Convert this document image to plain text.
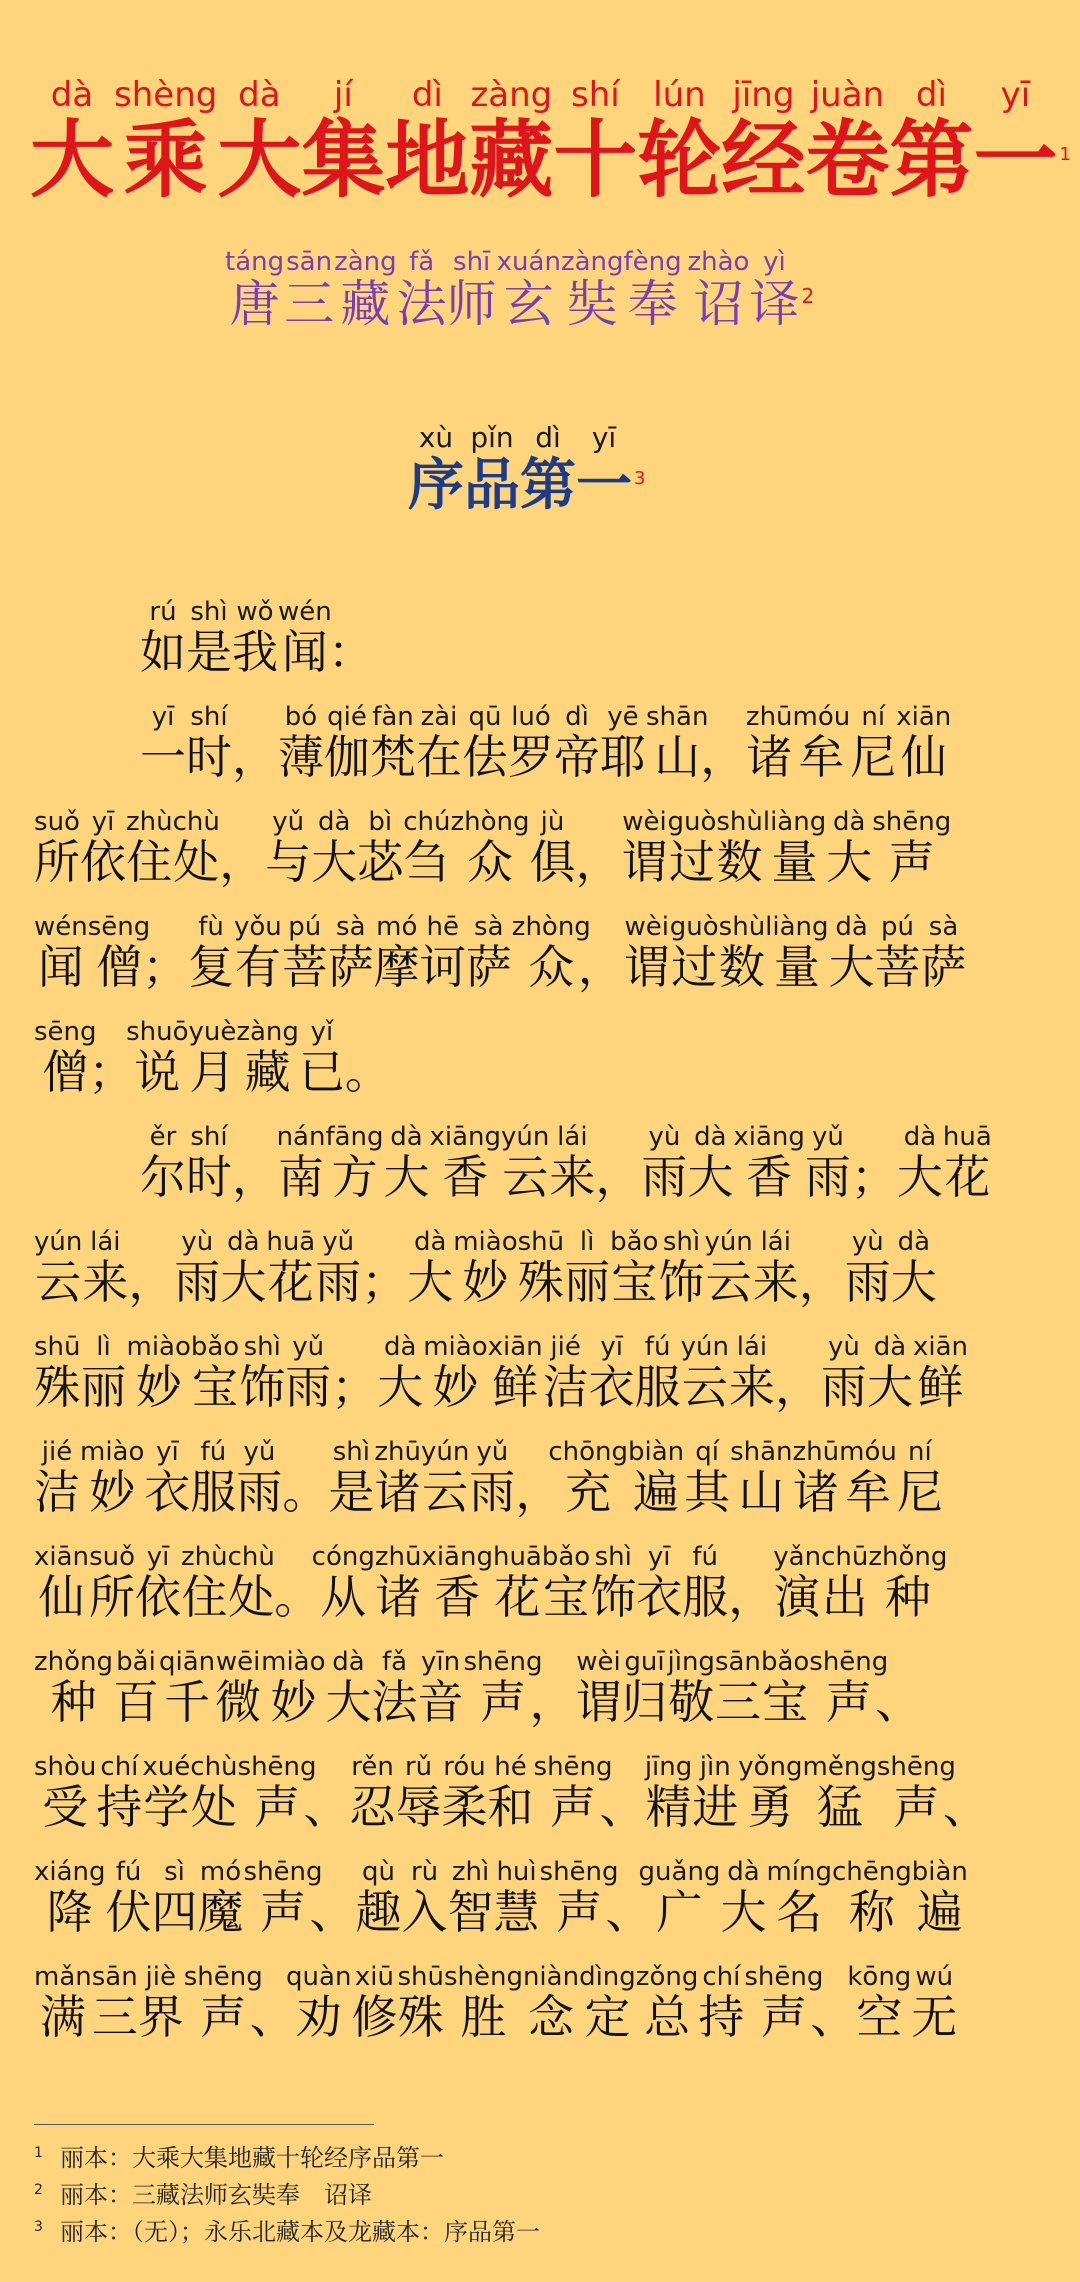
大dà乘shèng大dà集jí地dì藏zàng十shí轮lún经jīng卷juàn第dì一$yī^1$
唐táng三sān藏zàng法fǎ师shī玄xuán奘zàng奉fèng 诏zhào译$yì^2$
序xù品pǐn第dì一$yī^3$
如rú是shì我wǒ闻wén：
一yī时shí，薄bó伽qié梵fàn在zài佉qū罗luó帝dì耶yē山shān，诸zhū牟móu尼ní仙xiān
所suǒ依yī住zhù处chù，与yǔ大dà苾bì刍chú众zhòng俱jù，谓wèi过guò数shù量liàng大dà声shēng
闻wén僧sēng；复fù有yǒu菩pú萨sà摩mó诃hē萨sà众zhòng，谓wèi过guò数shù量liàng大dà菩pú萨sà
僧sēng；说shuō月yuè藏zàng已yǐ。
尔ěr时shí，南nán方fāng大dà香xiāng云yún来lái，雨yù大dà香xiāng雨yǔ；大dà花huā
云yún来lái，雨yù大dà花huā雨yǔ；大dà妙miào殊shū丽lì宝bǎo饰shì云yún来lái，雨yù大dà
殊shū丽lì妙miào宝bǎo饰shì雨yǔ；大dà妙miào鲜xiān洁jié衣yī服fú云yún来lái，雨yù大dà鲜xiān
洁jié妙miào衣yī服fú雨yǔ。是shì诸zhū云yún雨yǔ，充chōng遍biàn其qí山shān诸zhū牟móu尼ní
仙xiān所suǒ依yī住zhù处chù。从cóng诸zhū香xiāng花huā宝bǎo饰shì衣yī服fú，演yǎn出chū种zhǒng
种zhǒng百bǎi千qiān微wēi妙miào大dà法fǎ音yīn声shēng，谓wèi归guī敬jìng三sān宝bǎo声shēng、
受shòu持chí学xué处chù声shēng、忍rěn辱rǔ柔róu和hé声shēng、精jīng进jìn勇yǒng猛měng声shēng、
降xiáng伏fú四sì魔mó声shēng、趣qù入rù智zhì慧huì声shēng、广guǎng大dà名míng称chēng遍biàn
满mǎn三sān界jiè声shēng、劝quàn修xiū殊shū胜shèng念niàn定dìng总zǒng持chí声shēng、空kōng无wú
1 丽本：大乘大集地藏十轮经序品第一
2 丽本：三藏法师玄奘奉　诏译
3 丽本：（无）；永乐北藏本及龙藏本：序品第一
